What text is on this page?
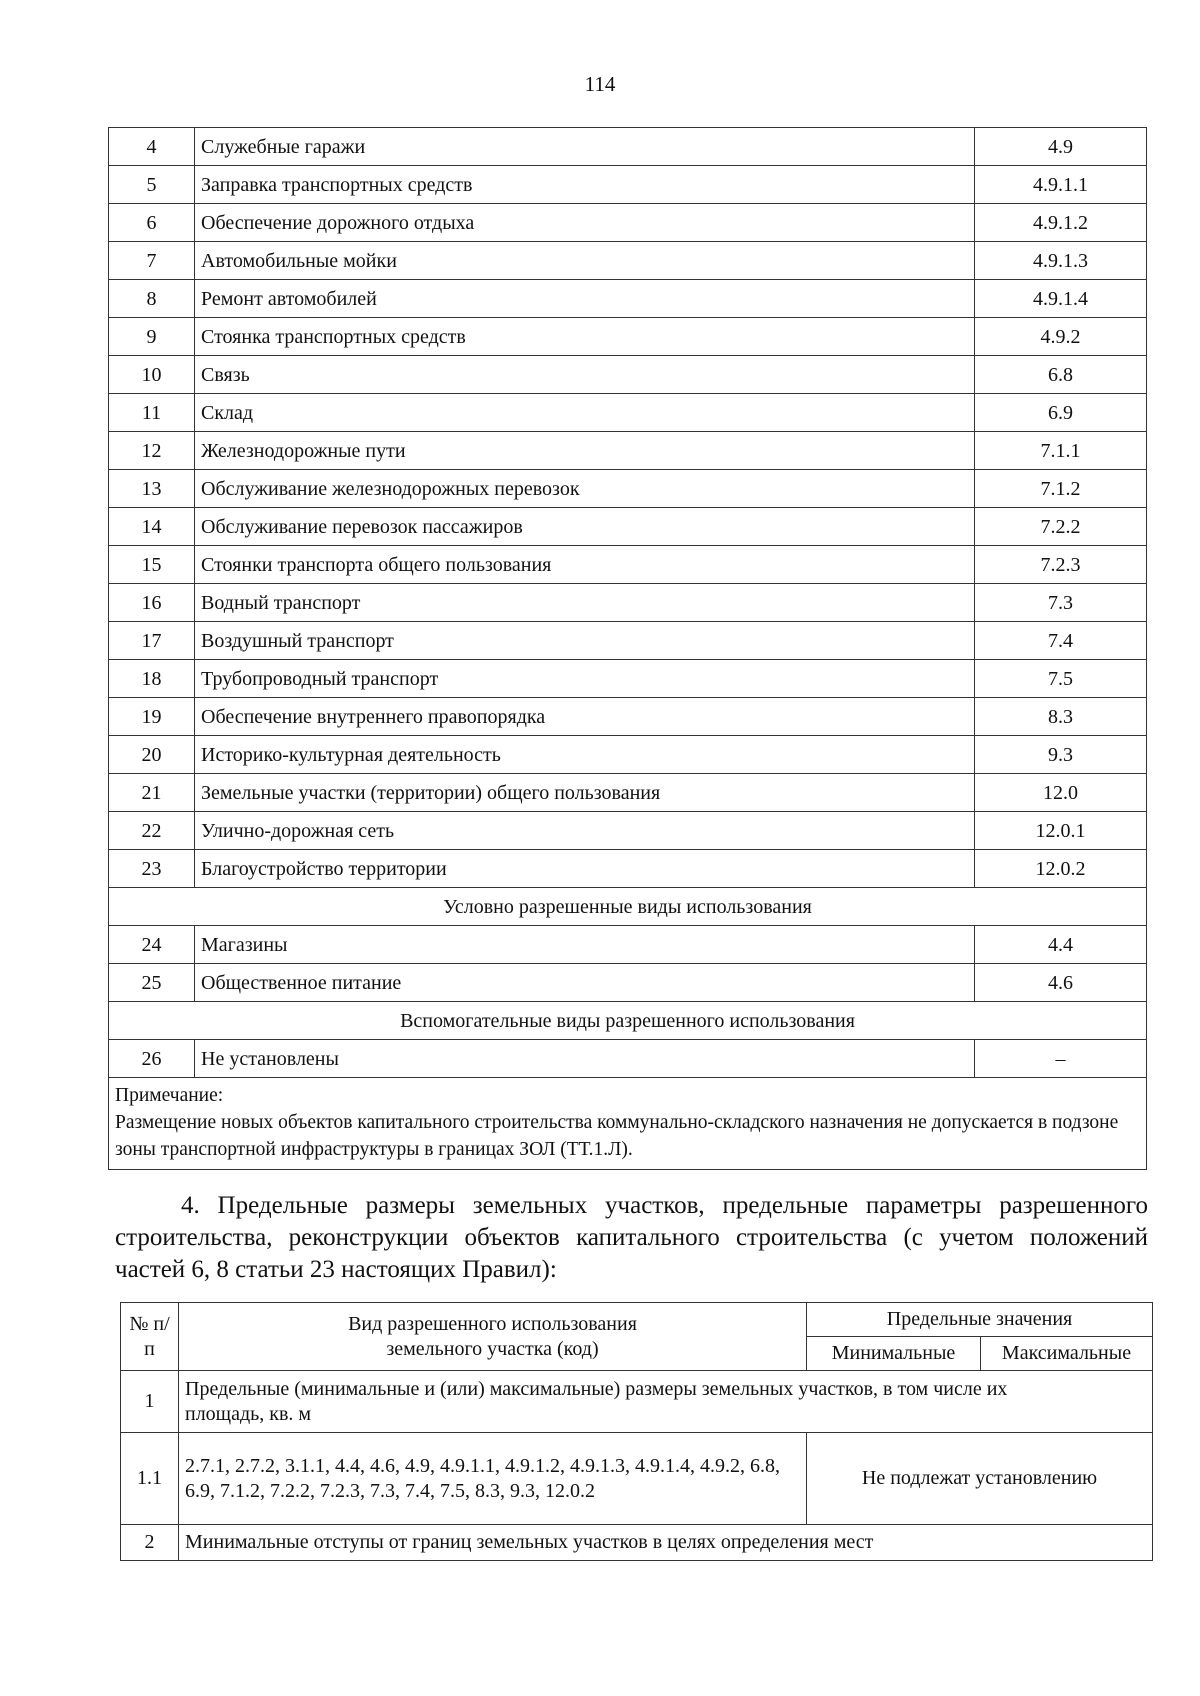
114
4	Служебные гаражи	4.9
5	Заправка транспортных средств	4.9.1.1
6	Обеспечение дорожного отдыха	4.9.1.2
7	Автомобильные мойки	4.9.1.3
8	Ремонт автомобилей	4.9.1.4
9	Стоянка транспортных средств	4.9.2
10	Связь	6.8
11	Склад	6.9
12	Железнодорожные пути	7.1.1
13	Обслуживание железнодорожных перевозок	7.1.2
14	Обслуживание перевозок пассажиров	7.2.2
15	Стоянки транспорта общего пользования	7.2.3
16	Водный транспорт	7.3
17	Воздушный транспорт	7.4
18	Трубопроводный транспорт	7.5
19	Обеспечение внутреннего правопорядка	8.3
20	Историко-культурная деятельность	9.3
21	Земельные участки (территории) общего пользования	12.0
22	Улично-дорожная сеть	12.0.1
23	Благоустройство территории	12.0.2
Условно разрешенные виды использования		
24	Магазины	4.4
25	Общественное питание	4.6
Вспомогательные виды разрешенного использования		
26	Не установлены	–

Примечание:
Размещение новых объектов капитального строительства коммунально-складского назначения не допускается в подзоне зоны транспортной инфраструктуры в границах ЗОЛ (ТТ.1.Л).		

4. Предельные размеры земельных участков, предельные параметры разрешенного строительства, реконструкции объектов капитального строительства (с учетом положений частей 6, 8 статьи 23 настоящих Правил):

№ п/п	Вид разрешенного использования земельного участка (код)	Предельные значения	
		Минимальные	Максимальные
1	Предельные (минимальные и (или) максимальные) размеры земельных участков, в том числе их площадь, кв. м		
1.1	2.7.1, 2.7.2, 3.1.1, 4.4, 4.6, 4.9, 4.9.1.1, 4.9.1.2, 4.9.1.3, 4.9.1.4, 4.9.2, 6.8, 6.9, 7.1.2, 7.2.2, 7.2.3, 7.3, 7.4, 7.5, 8.3, 9.3, 12.0.2	Не подлежат установлению	
2	Минимальные отступы от границ земельных участков в целях определения мест		
